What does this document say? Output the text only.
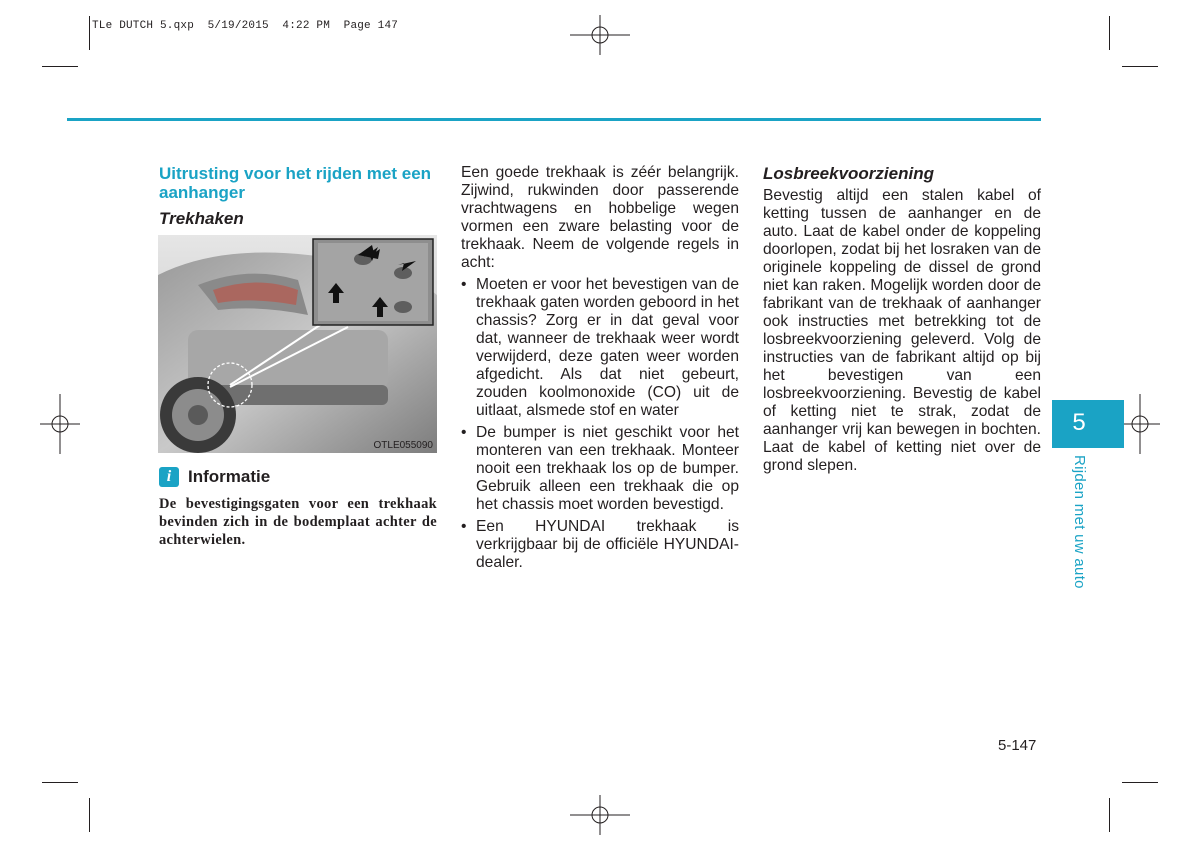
TLe DUTCH 5.qxp  5/19/2015  4:22 PM  Page 147
Uitrusting voor het rijden met een aanhanger
Trekhaken
OTLE055090
i Informatie
De bevestigingsgaten voor een trekhaak bevinden zich in de bodemplaat achter de achterwielen.

Een goede trekhaak is zéér belangrijk. Zijwind, rukwinden door passerende vrachtwagens en hobbelige wegen vormen een zware belasting voor de trekhaak. Neem de volgende regels in acht:

• Moeten er voor het bevestigen van de trekhaak gaten worden geboord in het chassis? Zorg er in dat geval voor dat, wanneer de trekhaak weer wordt verwijderd, deze gaten weer worden afgedicht. Als dat niet gebeurt, zouden koolmonoxide (CO) uit de uitlaat, alsmede stof en water
• De bumper is niet geschikt voor het monteren van een trekhaak. Monteer nooit een trekhaak los op de bumper. Gebruik alleen een trekhaak die op het chassis moet worden bevestigd.
• Een HYUNDAI trekhaak is verkrijgbaar bij de officiële HYUNDAI-dealer.
Losbreekvoorziening

Bevestig altijd een stalen kabel of ketting tussen de aanhanger en de auto. Laat de kabel onder de koppeling doorlopen, zodat bij het losraken van de originele koppeling de dissel de grond niet kan raken. Mogelijk worden door de fabrikant van de trekhaak of aanhanger ook instructies met betrekking tot de losbreekvoorziening geleverd. Volg de instructies van de fabrikant altijd op bij het bevestigen van een losbreekvoorziening. Bevestig de kabel of ketting niet te strak, zodat de aanhanger vrij kan bewegen in bochten. Laat de kabel of ketting niet over de grond slepen.

5
Rijden met uw auto
5-147
